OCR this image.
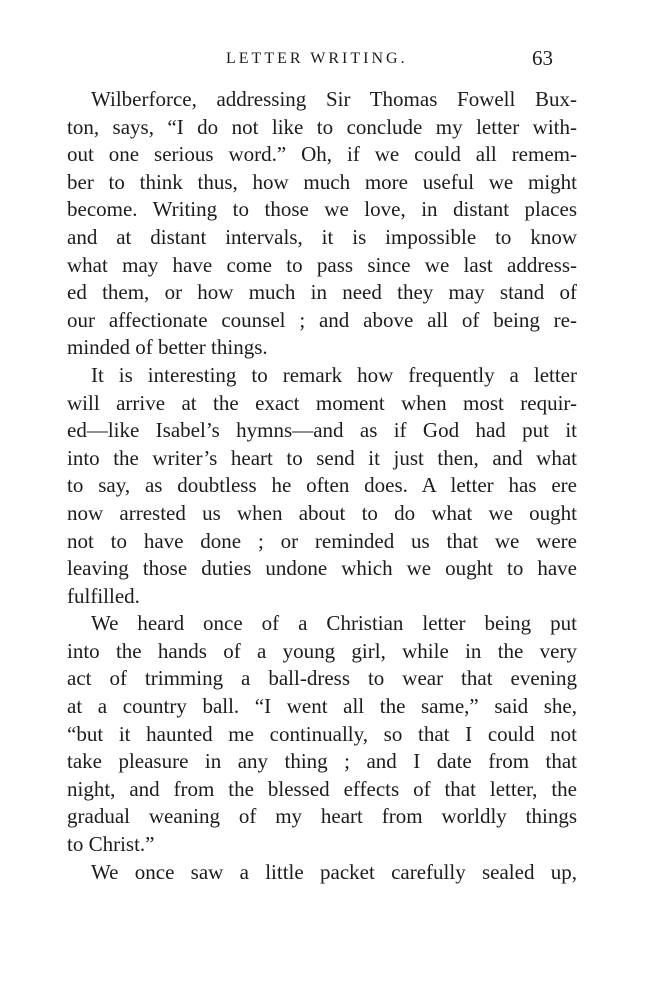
LETTER WRITING.	63
Wilberforce, addressing Sir Thomas Fowell Bux-
ton, says, “I do not like to conclude my letter with-
out one serious word.” Oh, if we could all remem-
ber to think thus, how much more useful we might
become. Writing to those we love, in distant places
and at distant intervals, it is impossible to know
what may have come to pass since we last address-
ed them, or how much in need they may stand of
our affectionate counsel ; and above all of being re-
minded of better things.
It is interesting to remark how frequently a letter
will arrive at the exact moment when most requir-
ed—like Isabel’s hymns—and as if God had put it
into the writer’s heart to send it just then, and what
to say, as doubtless he often does. A letter has ere
now arrested us when about to do what we ought
not to have done ; or reminded us that we were
leaving those duties undone which we ought to have
fulfilled.
We heard once of a Christian letter being put
into the hands of a young girl, while in the very
act of trimming a ball-dress to wear that evening
at a country ball. “I went all the same,” said she,
“but it haunted me continually, so that I could not
take pleasure in any thing ; and I date from that
night, and from the blessed effects of that letter, the
gradual weaning of my heart from worldly things
to Christ.”
We once saw a little packet carefully sealed up,
